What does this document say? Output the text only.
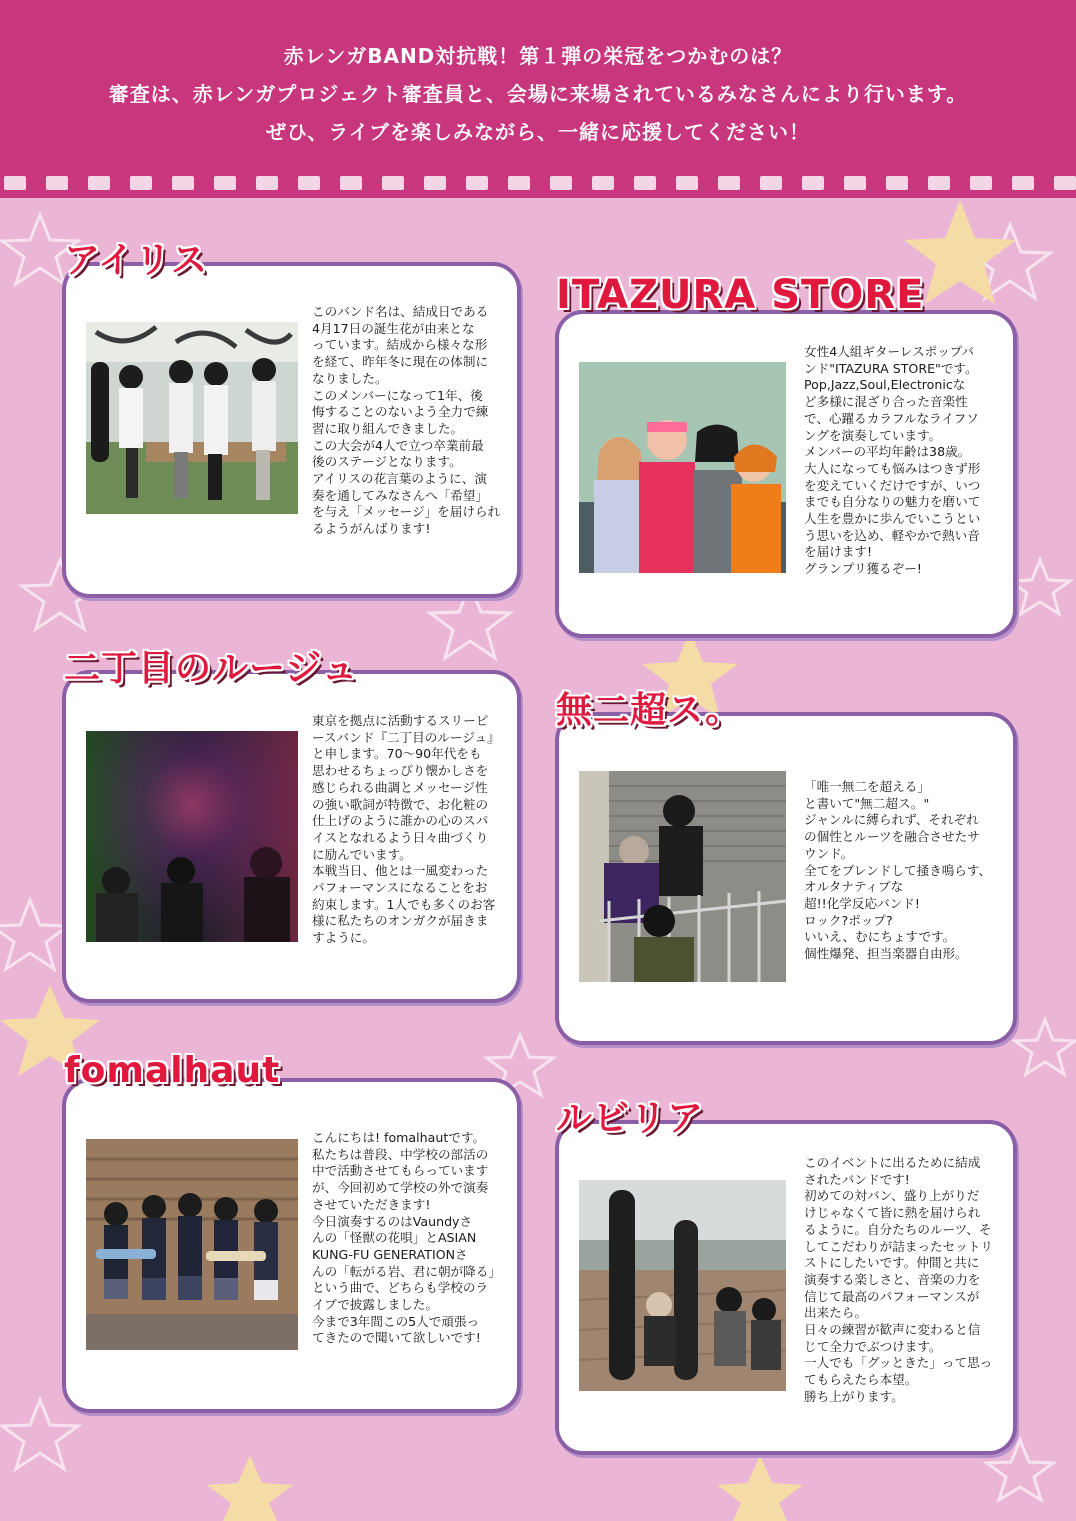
赤レンガBAND対抗戦！第１弾の栄冠をつかむのは？
審査は、赤レンガプロジェクト審査員と、会場に来場されているみなさんにより行います。
ぜひ、ライブを楽しみながら、一緒に応援してください！
アイリス
ITAZURA STORE
二丁目のルージュ
無二超ス。
fomalhaut
ルビリア
このバンド名は、結成日である
4月17日の誕生花が由来とな
っています。結成から様々な形
を経て、昨年冬に現在の体制に
なりました。
このメンバーになって1年、後
悔することのないよう全力で練
習に取り組んできました。
この大会が4人で立つ卒業前最
後のステージとなります。
アイリスの花言葉のように、演
奏を通してみなさんへ「希望」
を与え「メッセージ」を届けられ
るようがんばります!
女性4人組ギターレスポップバ
ンド"ITAZURA STORE"です。
Pop,Jazz,Soul,Electronicな
ど多様に混ざり合った音楽性
で、心躍るカラフルなライフソ
ングを演奏しています。
メンバーの平均年齢は38歳。
大人になっても悩みはつきず形
を変えていくだけですが、いつ
までも自分なりの魅力を磨いて
人生を豊かに歩んでいこうとい
う思いを込め、軽やかで熱い音
を届けます!
グランプリ獲るぞー!
東京を拠点に活動するスリーピ
ースバンド『二丁目のルージュ』
と申します。70〜90年代をも
思わせるちょっぴり懐かしさを
感じられる曲調とメッセージ性
の強い歌詞が特徴で、お化粧の
仕上げのように誰かの心のスパ
イスとなれるよう日々曲づくり
に励んでいます。
本戦当日、他とは一風変わった
パフォーマンスになることをお
約束します。1人でも多くのお客
様に私たちのオンガクが届きま
すように。
「唯一無二を超える」
と書いて"無二超ス。"
ジャンルに縛られず、それぞれ
の個性とルーツを融合させたサ
ウンド。
全てをブレンドして掻き鳴らす、
オルタナティブな
超!!化学反応バンド!
ロック?ポップ?
いいえ、むにちょすです。
個性爆発、担当楽器自由形。
こんにちは! fomalhautです。
私たちは普段、中学校の部活の
中で活動させてもらっています
が、今回初めて学校の外で演奏
させていただきます!
今日演奏するのはVaundyさ
んの「怪獣の花唄」とASIAN
KUNG-FU GENERATIONさ
んの「転がる岩、君に朝が降る」
という曲で、どちらも学校のラ
イブで披露しました。
今まで3年間この5人で頑張っ
てきたので聞いて欲しいです!
このイベントに出るために結成
されたバンドです!
初めての対バン、盛り上がりだ
けじゃなくて皆に熱を届けられ
るように。自分たちのルーツ、そ
してこだわりが詰まったセットリ
ストにしたいです。仲間と共に
演奏する楽しさと、音楽の力を
信じて最高のパフォーマンスが
出来たら。
日々の練習が歓声に変わると信
じて全力でぶつけます。
一人でも「グッときた」って思っ
てもらえたら本望。
勝ち上がります。
